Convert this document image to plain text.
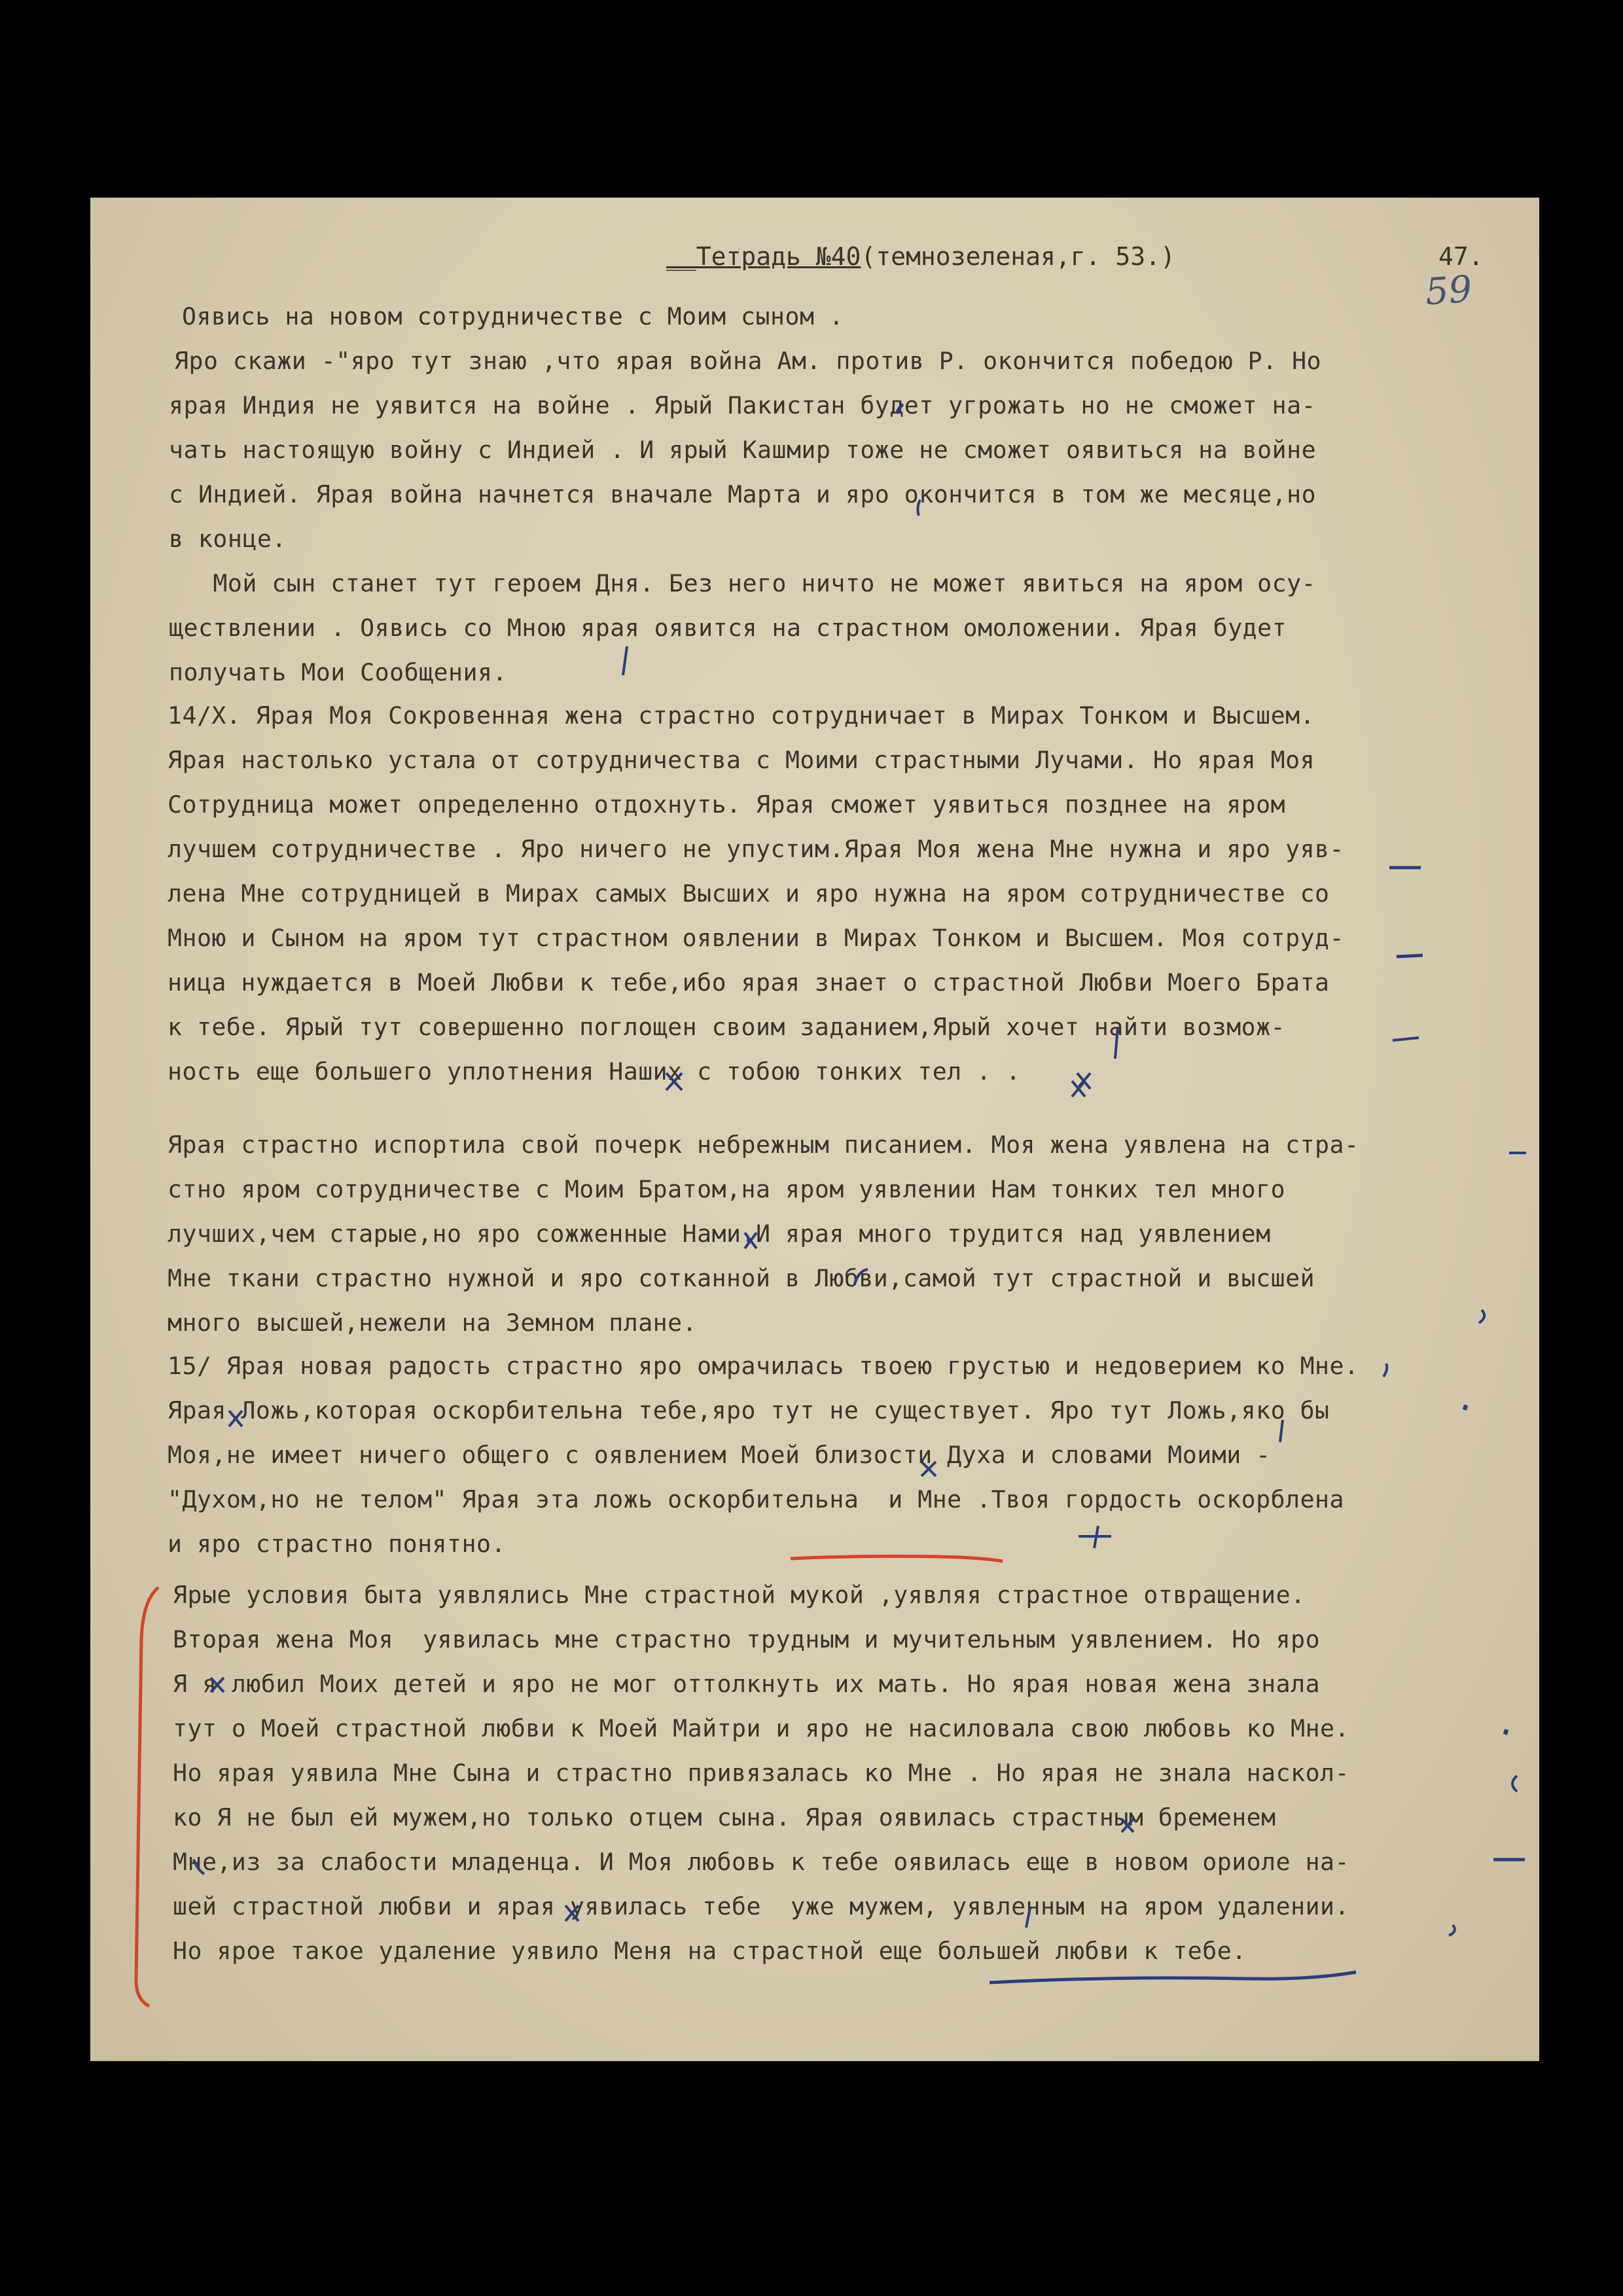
__Тетрадь №40(темнозеленая,г. 53.)	47.
59
Оявись на новом сотрудничестве с Моим сыном .
Яро скажи -"яро тут знаю ,что ярая война Ам. против Р. окончится победою Р. Но
ярая Индия не уявится на войне . Ярый Пакистан будет угрожать но не сможет на-
чать настоящую войну с Индией . И ярый Кашмир тоже не сможет оявиться на войне
с Индией. Ярая война начнется вначале Марта и яро окончится в том же месяце,но
в конце.
Мой сын станет тут героем Дня. Без него ничто не может явиться на яром осу-
ществлении . Оявись со Мною ярая оявится на страстном омоложении. Ярая будет
получать Мои Сообщения.
14/X. Ярая Моя Сокровенная жена страстно сотрудничает в Мирах Тонком и Высшем.
Ярая настолько устала от сотрудничества с Моими страстными Лучами. Но ярая Моя
Сотрудница может определенно отдохнуть. Ярая сможет уявиться позднее на яром
лучшем сотрудничестве . Яро ничего не упустим.Ярая Моя жена Мне нужна и яро уяв-
лена Мне сотрудницей в Мирах самых Высших и яро нужна на яром сотрудничестве со
Мною и Сыном на яром тут страстном оявлении в Мирах Тонком и Высшем. Моя сотруд-
ница нуждается в Моей Любви к тебе,ибо ярая знает о страстной Любви Моего Брата
к тебе. Ярый тут совершенно поглощен своим заданием,Ярый хочет найти возмож-
ность еще большего уплотнения Наших с тобою тонких тел . .
Ярая страстно испортила свой почерк небрежным писанием. Моя жена уявлена на стра-
стно яром сотрудничестве с Моим Братом,на яром уявлении Нам тонких тел много
лучших,чем старые,но яро сожженные Нами.И ярая много трудится над уявлением
Мне ткани страстно нужной и яро сотканной в Любви,самой тут страстной и высшей
много высшей,нежели на Земном плане.
15/ Ярая новая радость страстно яро омрачилась твоею грустью и недоверием ко Мне.
Ярая Ложь,которая оскорбительна тебе,яро тут не существует. Яро тут Ложь,яко бы
Моя,не имеет ничего общего с оявлением Моей близости Духа и словами Моими -
"Духом,но не телом" Ярая эта ложь оскорбительна  и Мне .Твоя гордость оскорблена
и яро страстно понятно.
Ярые условия быта уявлялись Мне страстной мукой ,уявляя страстное отвращение.
Вторая жена Моя  уявилась мне страстно трудным и мучительным уявлением. Но яро
Я я любил Моих детей и яро не мог оттолкнуть их мать. Но ярая новая жена знала
тут о Моей страстной любви к Моей Майтри и яро не насиловала свою любовь ко Мне.
Но ярая уявила Мне Сына и страстно привязалась ко Мне . Но ярая не знала наскол-
ко Я не был ей мужем,но только отцем сына. Ярая оявилась страстным бременем
Мне,из за слабости младенца. И Моя любовь к тебе оявилась еще в новом ориоле на-
шей страстной любви и ярая уявилась тебе  уже мужем, уявленным на яром удалении.
Но ярое такое удаление уявило Меня на страстной еще большей любви к тебе.
